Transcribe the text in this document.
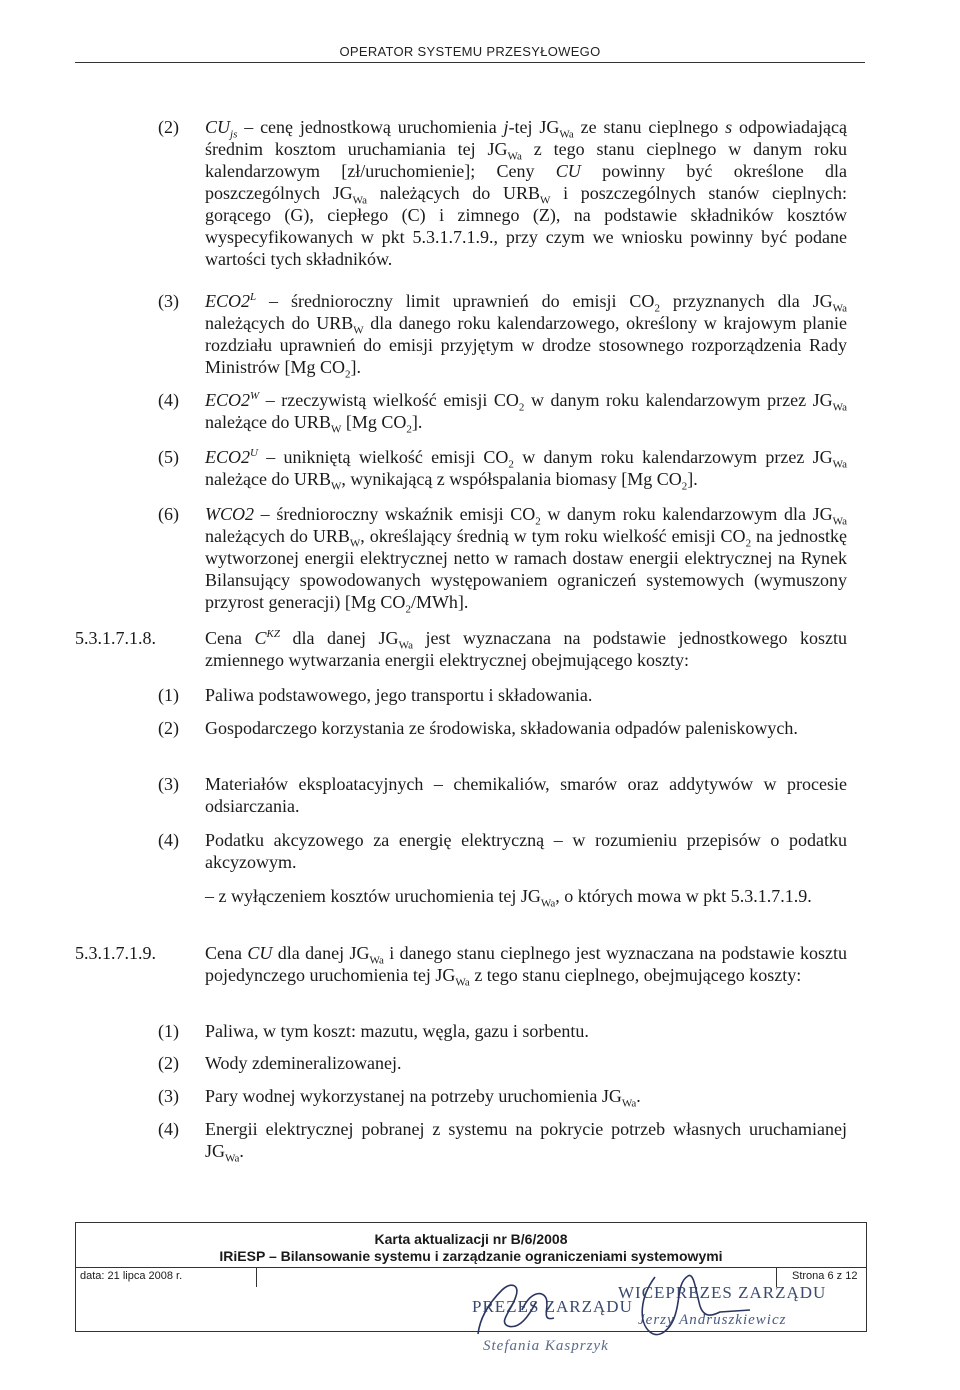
OPERATOR SYSTEMU PRZESYŁOWEGO
(2) $CU_{js}$ – cenę jednostkową uruchomienia j-tej $JG_{Wa}$ ze stanu cieplnego s odpowiadającą średnim kosztom uruchamiania tej $JG_{Wa}$ z tego stanu cieplnego w danym roku kalendarzowym [zł/uruchomienie]; Ceny CU powinny być określone dla poszczególnych $JG_{Wa}$ należących do $URB_W$ i poszczególnych stanów cieplnych: gorącego (G), ciepłego (C) i zimnego (Z), na podstawie składników kosztów wyspecyfikowanych w pkt 5.3.1.7.1.9., przy czym we wniosku powinny być podane wartości tych składników.
(3) $ECO2^L$ – średnioroczny limit uprawnień do emisji $CO_2$ przyznanych dla $JG_{Wa}$ należących do $URB_W$ dla danego roku kalendarzowego, określony w krajowym planie rozdziału uprawnień do emisji przyjętym w drodze stosownego rozporządzenia Rady Ministrów [Mg $CO_2$].
(4) $ECO2^W$ – rzeczywistą wielkość emisji $CO_2$ w danym roku kalendarzowym przez $JG_{Wa}$ należące do $URB_W$ [Mg $CO_2$].
(5) $ECO2^U$ – unikniętą wielkość emisji $CO_2$ w danym roku kalendarzowym przez $JG_{Wa}$ należące do $URB_W$, wynikającą z współspalania biomasy [Mg $CO_2$].
(6) WCO2 – średnioroczny wskaźnik emisji $CO_2$ w danym roku kalendarzowym dla $JG_{Wa}$ należących do $URB_W$, określający średnią w tym roku wielkość emisji $CO_2$ na jednostkę wytworzonej energii elektrycznej netto w ramach dostaw energii elektrycznej na Rynek Bilansujący spowodowanych występowaniem ograniczeń systemowych (wymuszony przyrost generacji) [Mg $CO_2/MWh$].
5.3.1.7.1.8.	Cena $C^{KZ}$ dla danej $JG_{Wa}$ jest wyznaczana na podstawie jednostkowego kosztu zmiennego wytwarzania energii elektrycznej obejmującego koszty:
(1) Paliwa podstawowego, jego transportu i składowania.
(2) Gospodarczego korzystania ze środowiska, składowania odpadów paleniskowych.
(3) Materiałów eksploatacyjnych – chemikaliów, smarów oraz addytywów w procesie odsiarczania.
(4) Podatku akcyzowego za energię elektryczną – w rozumieniu przepisów o podatku akcyzowym.
– z wyłączeniem kosztów uruchomienia tej $JG_{Wa}$, o których mowa w pkt 5.3.1.7.1.9.
5.3.1.7.1.9.	Cena CU dla danej $JG_{Wa}$ i danego stanu cieplnego jest wyznaczana na podstawie kosztu pojedynczego uruchomienia tej $JG_{Wa}$ z tego stanu cieplnego, obejmującego koszty:
(1) Paliwa, w tym koszt: mazutu, węgla, gazu i sorbentu.
(2) Wody zdemineralizowanej.
(3) Pary wodnej wykorzystanej na potrzeby uruchomienia $JG_{Wa}$.
(4) Energii elektrycznej pobranej z systemu na pokrycie potrzeb własnych uruchamianej $JG_{Wa}$.
Karta aktualizacji nr B/6/2008
IRiESP – Bilansowanie systemu i zarządzanie ograniczeniami systemowymi
data: 21 lipca 2008 r.	Strona 6 z 12
WICEPREZES ZARZĄDU
PREZES ZARZĄDU
Stefania Kasprzyk
Jerzy Andruszkiewicz
